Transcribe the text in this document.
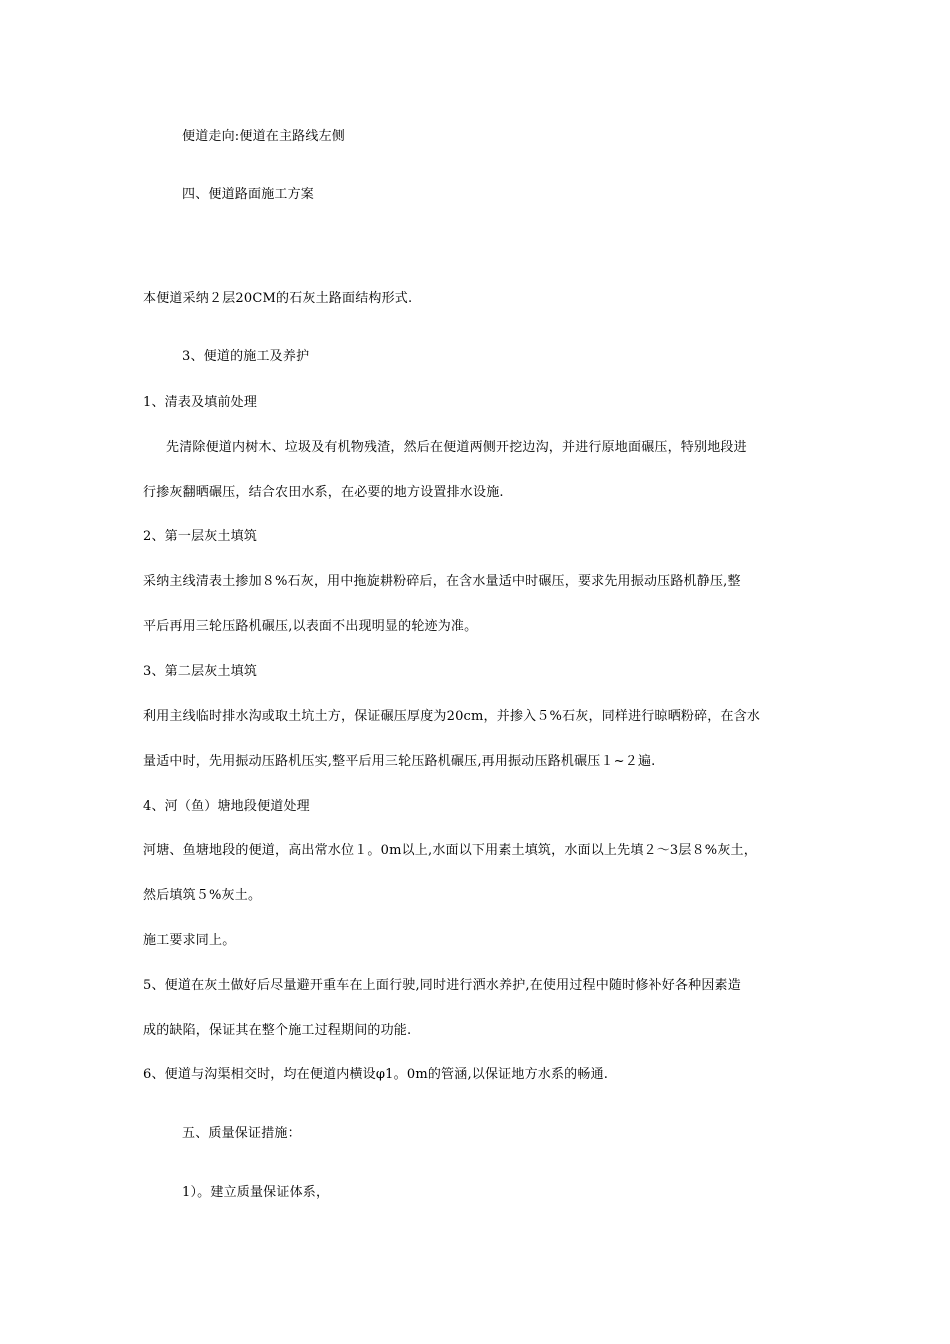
便道走向:便道在主路线左侧
四、便道路面施工方案
本便道采纳２层20CM的石灰土路面结构形式.
3、便道的施工及养护
1、清表及填前处理
先清除便道内树木、垃圾及有机物残渣，然后在便道两侧开挖边沟，并进行原地面碾压，特别地段进
行掺灰翻晒碾压，结合农田水系，在必要的地方设置排水设施.
2、第一层灰土填筑
采纳主线清表土掺加８%石灰，用中拖旋耕粉碎后，在含水量适中时碾压，要求先用振动压路机静压,整
平后再用三轮压路机碾压,以表面不出现明显的轮迹为准。
3、第二层灰土填筑
利用主线临时排水沟或取土坑土方，保证碾压厚度为20cm，并掺入５%石灰，同样进行晾晒粉碎，在含水
量适中时，先用振动压路机压实,整平后用三轮压路机碾压,再用振动压路机碾压１~２遍.
4、河（鱼）塘地段便道处理
河塘、鱼塘地段的便道，高出常水位１。0m以上,水面以下用素土填筑，水面以上先填２～3层８%灰土，
然后填筑５%灰土。
施工要求同上。
5、便道在灰土做好后尽量避开重车在上面行驶,同时进行洒水养护,在使用过程中随时修补好各种因素造
成的缺陷，保证其在整个施工过程期间的功能.
6、便道与沟渠相交时，均在便道内横设φ1。0m的管涵,以保证地方水系的畅通.
五、质量保证措施：
1）。建立质量保证体系，
